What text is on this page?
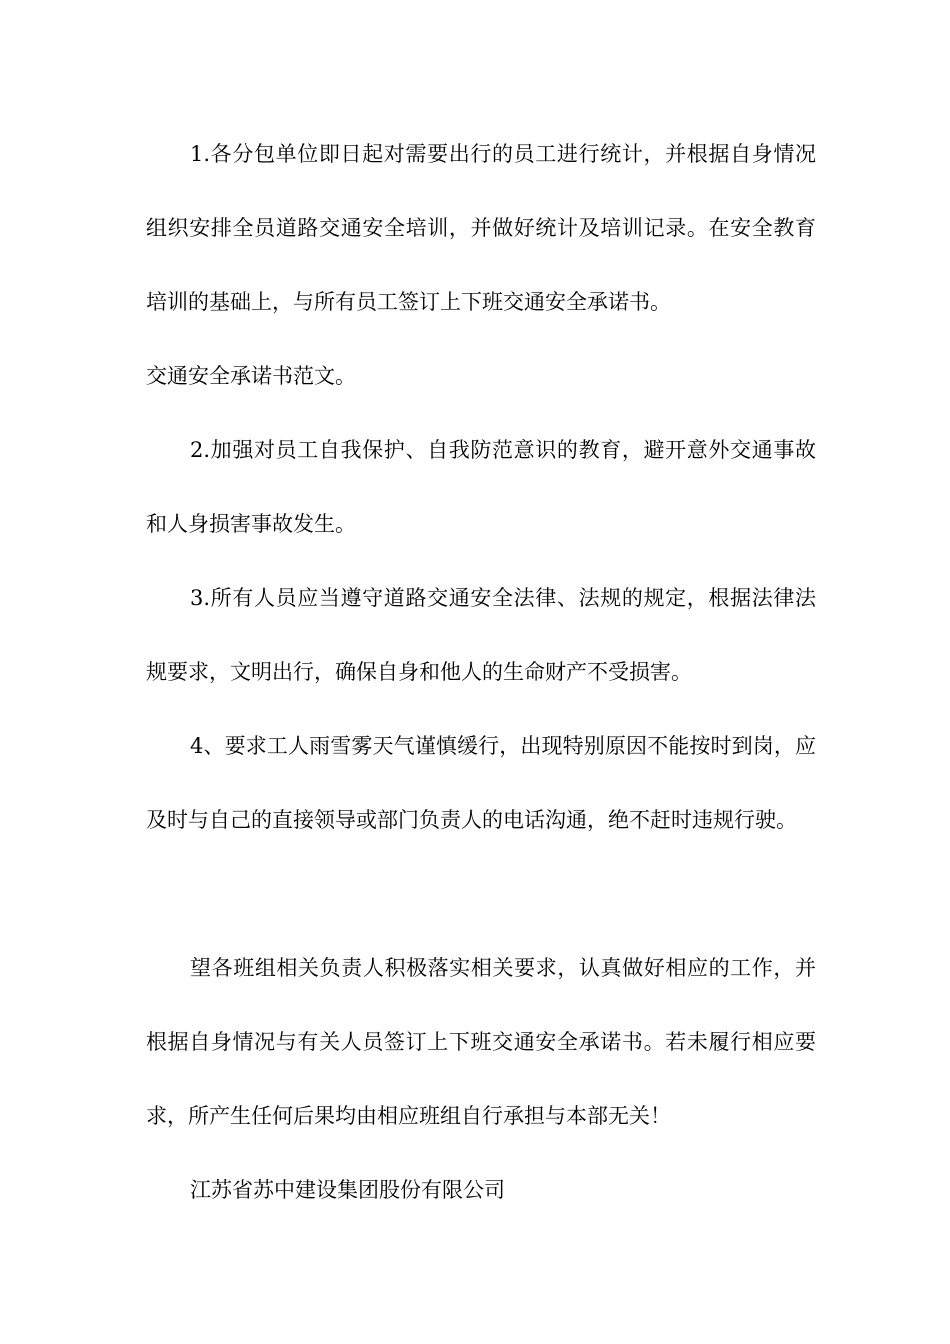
1.各分包单位即日起对需要出行的员工进行统计，并根据自身情况组织安排全员道路交通安全培训，并做好统计及培训记录。在安全教育培训的基础上，与所有员工签订上下班交通安全承诺书。

交通安全承诺书范文。

2.加强对员工自我保护、自我防范意识的教育，避开意外交通事故和人身损害事故发生。

3.所有人员应当遵守道路交通安全法律、法规的规定，根据法律法规要求，文明出行，确保自身和他人的生命财产不受损害。

4、要求工人雨雪雾天气谨慎缓行，出现特别原因不能按时到岗，应及时与自己的直接领导或部门负责人的电话沟通，绝不赶时违规行驶。

望各班组相关负责人积极落实相关要求，认真做好相应的工作，并根据自身情况与有关人员签订上下班交通安全承诺书。若未履行相应要求，所产生任何后果均由相应班组自行承担与本部无关！

江苏省苏中建设集团股份有限公司
